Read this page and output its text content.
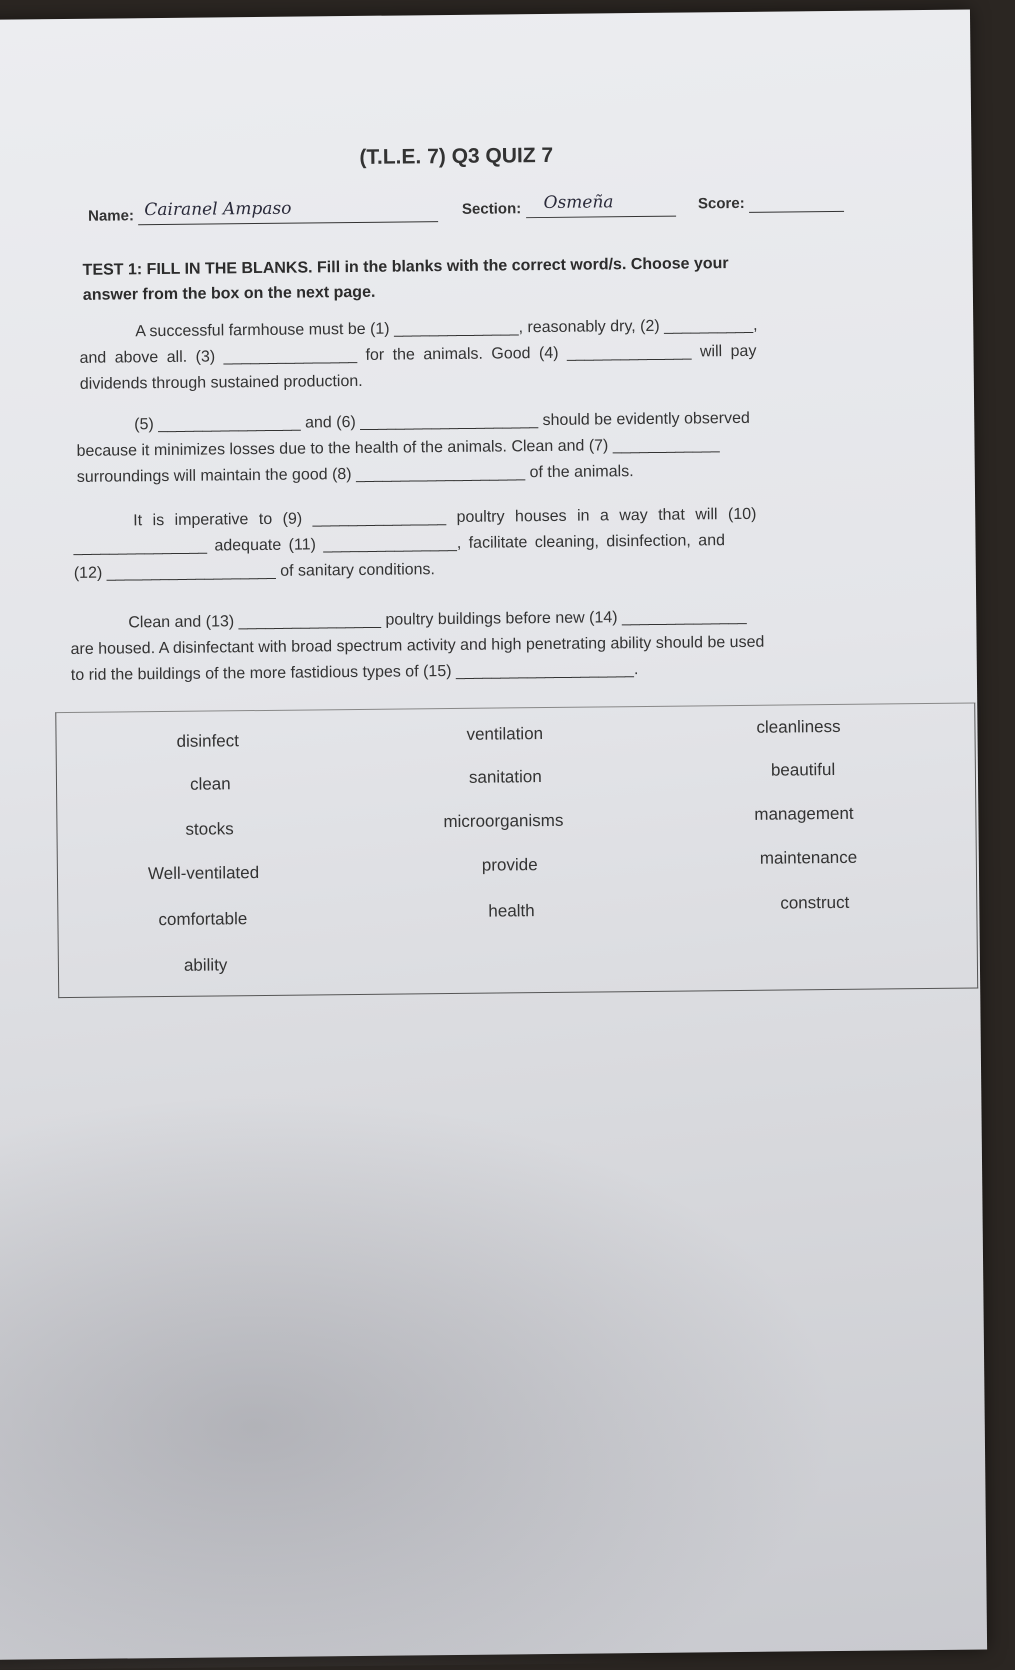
(T.L.E. 7) Q3 QUIZ 7
Name: Cairanel Ampaso	Section: Osmeña	Score:
TEST 1: FILL IN THE BLANKS. Fill in the blanks with the correct word/s. Choose your
answer from the box on the next page.
A successful farmhouse must be (1) ______________, reasonably dry, (2) __________,
and above all. (3) _______________ for the animals. Good (4) ______________ will pay
dividends through sustained production.
(5) ________________ and (6) ____________________ should be evidently observed
because it minimizes losses due to the health of the animals. Clean and (7) ____________
surroundings will maintain the good (8) ___________________ of the animals.
It is imperative to (9) _______________ poultry houses in a way that will (10)
_______________ adequate (11) _______________, facilitate cleaning, disinfection, and
(12) ___________________ of sanitary conditions.
Clean and (13) ________________ poultry buildings before new (14) ______________
are housed. A disinfectant with broad spectrum activity and high penetrating ability should be used
to rid the buildings of the more fastidious types of (15) ____________________.
disinfect	ventilation	cleanliness
clean	sanitation	beautiful
stocks	microorganisms	management
Well-ventilated	provide	maintenance
comfortable	health	construct
ability
